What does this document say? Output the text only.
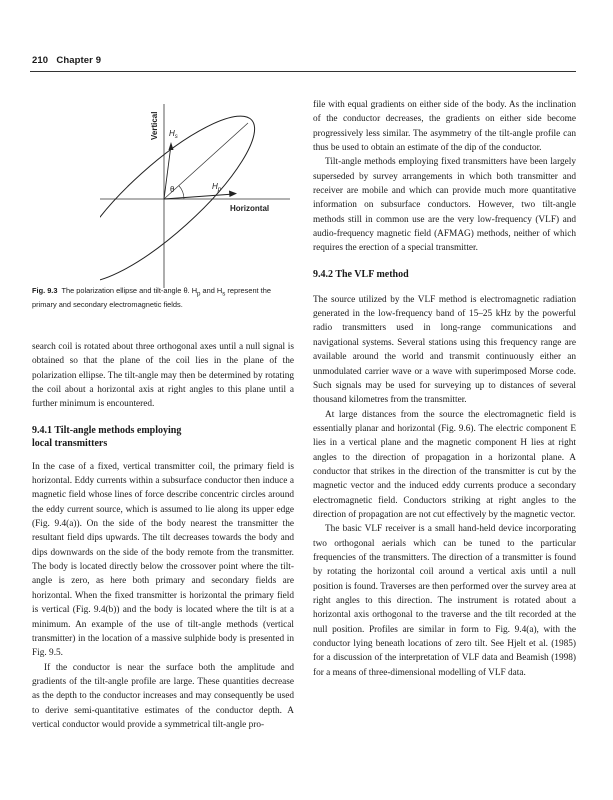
210 Chapter 9
Vertical $H_s$
$H_p$
θ
Horizontal
Fig. 9.3 The polarization ellipse and tilt-angle θ. $H_p$ and $H_s$ represent the primary and secondary electromagnetic fields.

search coil is rotated about three orthogonal axes until a null signal is obtained so that the plane of the coil lies in the plane of the polarization ellipse. The tilt-angle may then be determined by rotating the coil about a horizontal axis at right angles to this plane until a further minimum is encountered.

9.4.1 Tilt-angle methods employing
local transmitters

In the case of a fixed, vertical transmitter coil, the primary field is horizontal. Eddy currents within a subsurface conductor then induce a magnetic field whose lines of force describe concentric circles around the eddy current source, which is assumed to lie along its upper edge (Fig. 9.4(a)). On the side of the body nearest the transmitter the resultant field dips upwards. The tilt decreases towards the body and dips downwards on the side of the body remote from the transmitter. The body is located directly below the crossover point where the tilt-angle is zero, as here both primary and secondary fields are horizontal. When the fixed transmitter is horizontal the primary field is vertical (Fig. 9.4(b)) and the body is located where the tilt is at a minimum. An example of the use of tilt-angle methods (vertical transmitter) in the location of a massive sulphide body is presented in Fig. 9.5.

If the conductor is near the surface both the amplitude and gradients of the tilt-angle profile are large. These quantities decrease as the depth to the conductor increases and may consequently be used to derive semi-quantitative estimates of the conductor depth. A vertical conductor would provide a symmetrical tilt-angle pro-

file with equal gradients on either side of the body. As the inclination of the conductor decreases, the gradients on either side become progressively less similar. The asymmetry of the tilt-angle profile can thus be used to obtain an estimate of the dip of the conductor.

Tilt-angle methods employing fixed transmitters have been largely superseded by survey arrangements in which both transmitter and receiver are mobile and which can provide much more quantitative information on subsurface conductors. However, two tilt-angle methods still in common use are the very low-frequency (VLF) and audio-frequency magnetic field (AFMAG) methods, neither of which requires the erection of a special transmitter.

9.4.2 The VLF method

The source utilized by the VLF method is electromagnetic radiation generated in the low-frequency band of 15–25 kHz by the powerful radio transmitters used in long-range communications and navigational systems. Several stations using this frequency range are available around the world and transmit continuously either an unmodulated carrier wave or a wave with superimposed Morse code. Such signals may be used for surveying up to distances of several thousand kilometres from the transmitter.

At large distances from the source the electromagnetic field is essentially planar and horizontal (Fig. 9.6). The electric component E lies in a vertical plane and the magnetic component H lies at right angles to the direction of propagation in a horizontal plane. A conductor that strikes in the direction of the transmitter is cut by the magnetic vector and the induced eddy currents produce a secondary electromagnetic field. Conductors striking at right angles to the direction of propagation are not cut effectively by the magnetic vector.

The basic VLF receiver is a small hand-held device incorporating two orthogonal aerials which can be tuned to the particular frequencies of the transmitters. The direction of a transmitter is found by rotating the horizontal coil around a vertical axis until a null position is found. Traverses are then performed over the survey area at right angles to this direction. The instrument is rotated about a horizontal axis orthogonal to the traverse and the tilt recorded at the null position. Profiles are similar in form to Fig. 9.4(a), with the conductor lying beneath locations of zero tilt. See Hjelt et al. (1985) for a discussion of the interpretation of VLF data and Beamish (1998) for a means of three-dimensional modelling of VLF data.
